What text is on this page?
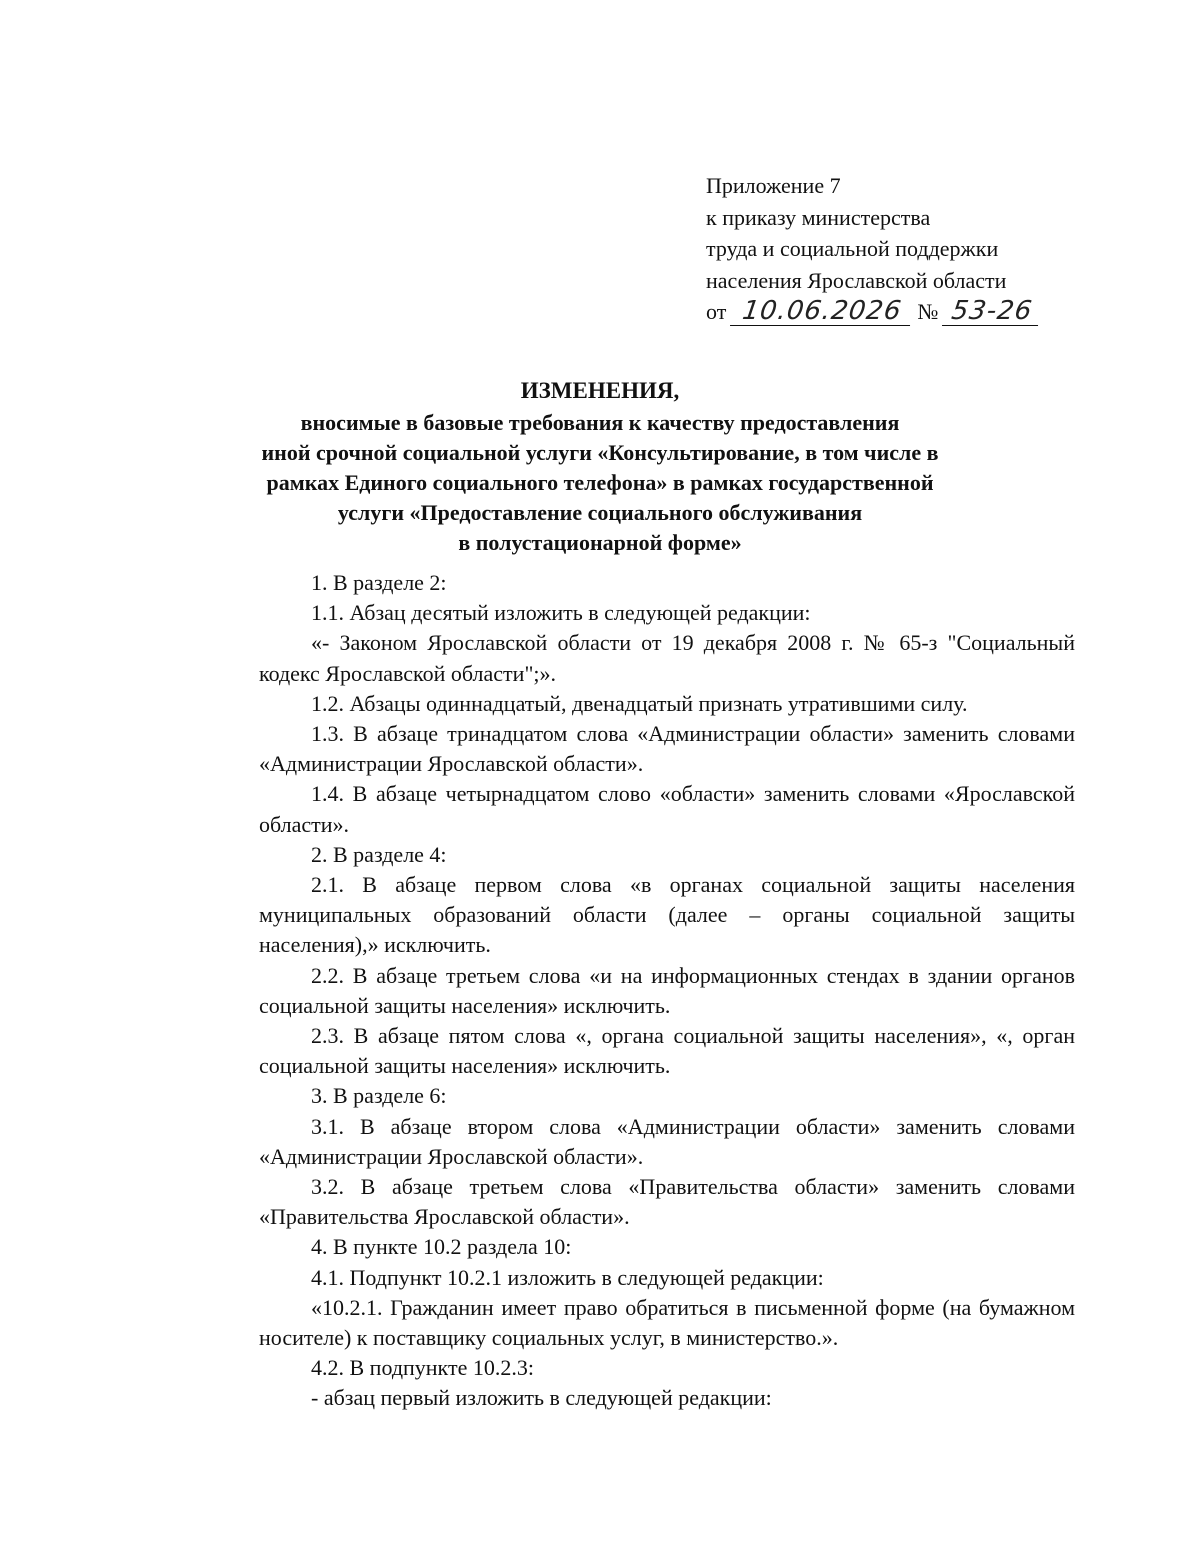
Приложение 7
к приказу министерства
труда и социальной поддержки
населения Ярославской области
от 10.06.2026 № 53-26
ИЗМЕНЕНИЯ,
вносимые в базовые требования к качеству предоставления
иной срочной социальной услуги «Консультирование, в том числе в
рамках Единого социального телефона» в рамках государственной
услуги «Предоставление социального обслуживания
в полустационарной форме»

1. В разделе 2:

1.1. Абзац десятый изложить в следующей редакции:

«- Законом Ярославской области от 19 декабря 2008 г. № 65-з "Социальный кодекс Ярославской области";».

1.2. Абзацы одиннадцатый, двенадцатый признать утратившими силу.

1.3. В абзаце тринадцатом слова «Администрации области» заменить словами «Администрации Ярославской области».

1.4. В абзаце четырнадцатом слово «области» заменить словами «Ярославской области».

2. В разделе 4:

2.1. В абзаце первом слова «в органах социальной защиты населения муниципальных образований области (далее – органы социальной защиты населения),» исключить.

2.2. В абзаце третьем слова «и на информационных стендах в здании органов социальной защиты населения» исключить.

2.3. В абзаце пятом слова «, органа социальной защиты населения», «, орган социальной защиты населения» исключить.

3. В разделе 6:

3.1. В абзаце втором слова «Администрации области» заменить словами «Администрации Ярославской области».

3.2. В абзаце третьем слова «Правительства области» заменить словами «Правительства Ярославской области».

4. В пункте 10.2 раздела 10:

4.1. Подпункт 10.2.1 изложить в следующей редакции:

«10.2.1. Гражданин имеет право обратиться в письменной форме (на бумажном носителе) к поставщику социальных услуг, в министерство.».

4.2. В подпункте 10.2.3:

- абзац первый изложить в следующей редакции:
